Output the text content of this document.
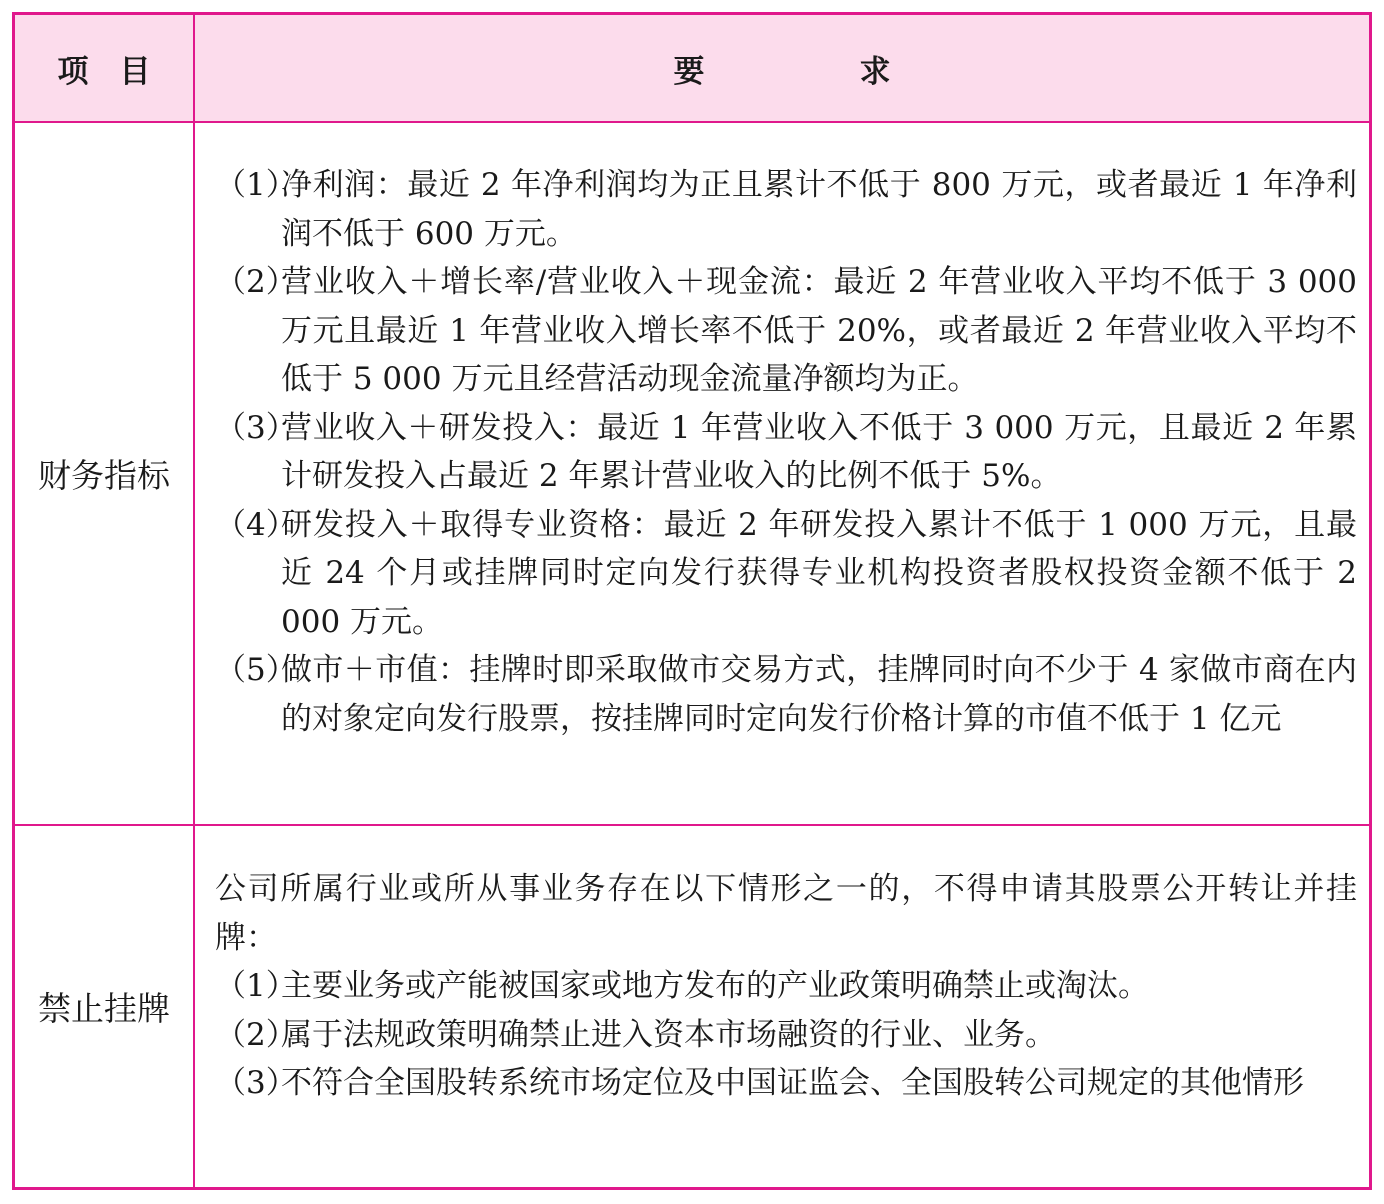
项　目	要　　　　　求
财务指标
（1）
净利润：最近 2 年净利润均为正且累计不低于 800 万元，或者最近 1 年净利润不低于 600 万元。
（2）
营业收入＋增长率/营业收入＋现金流：最近 2 年营业收入平均不低于 3 000 万元且最近 1 年营业收入增长率不低于 20%，或者最近 2 年营业收入平均不低于 5 000 万元且经营活动现金流量净额均为正。
（3）
营业收入＋研发投入：最近 1 年营业收入不低于 3 000 万元，且最近 2 年累计研发投入占最近 2 年累计营业收入的比例不低于 5%。
（4）
研发投入＋取得专业资格：最近 2 年研发投入累计不低于 1 000 万元，且最近 24 个月或挂牌同时定向发行获得专业机构投资者股权投资金额不低于 2 000 万元。
（5）
做市＋市值：挂牌时即采取做市交易方式，挂牌同时向不少于 4 家做市商在内的对象定向发行股票，按挂牌同时定向发行价格计算的市值不低于 1 亿元
禁止挂牌

公司所属行业或所从事业务存在以下情形之一的，不得申请其股票公开转让并挂牌：

（1）
主要业务或产能被国家或地方发布的产业政策明确禁止或淘汰。
（2）
属于法规政策明确禁止进入资本市场融资的行业、业务。
（3）
不符合全国股转系统市场定位及中国证监会、全国股转公司规定的其他情形
